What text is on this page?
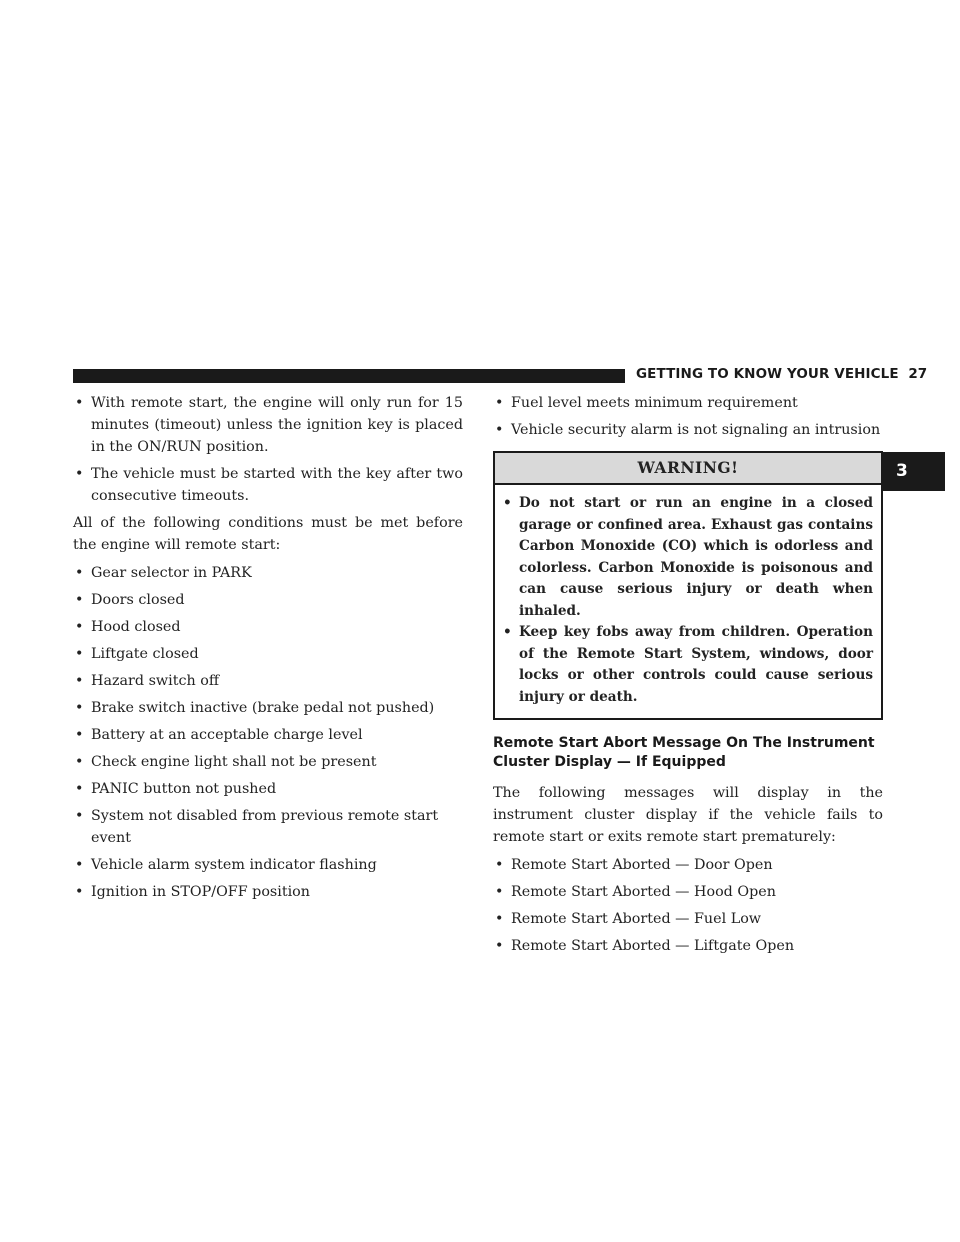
GETTING TO KNOW YOUR VEHICLE 27
3
• With remote start, the engine will only run for 15 minutes (timeout) unless the ignition key is placed in the ON/RUN position.
• The vehicle must be started with the key after two consecutive timeouts.

All of the following conditions must be met before the engine will remote start:

• Gear selector in PARK
• Doors closed
• Hood closed
• Liftgate closed
• Hazard switch off
• Brake switch inactive (brake pedal not pushed)
• Battery at an acceptable charge level
• Check engine light shall not be present
• PANIC button not pushed
• System not disabled from previous remote start event
• Vehicle alarm system indicator flashing
• Ignition in STOP/OFF position
• Fuel level meets minimum requirement
• Vehicle security alarm is not signaling an intrusion
WARNING!
• Do not start or run an engine in a closed garage or confined area. Exhaust gas contains Carbon Monoxide (CO) which is odorless and colorless. Carbon Monoxide is poisonous and can cause serious injury or death when inhaled.
• Keep key fobs away from children. Operation of the Remote Start System, windows, door locks or other controls could cause serious injury or death.
Remote Start Abort Message On The Instrument Cluster Display — If Equipped

The following messages will display in the instrument cluster display if the vehicle fails to remote start or exits remote start prematurely:

• Remote Start Aborted — Door Open
• Remote Start Aborted — Hood Open
• Remote Start Aborted — Fuel Low
• Remote Start Aborted — Liftgate Open
